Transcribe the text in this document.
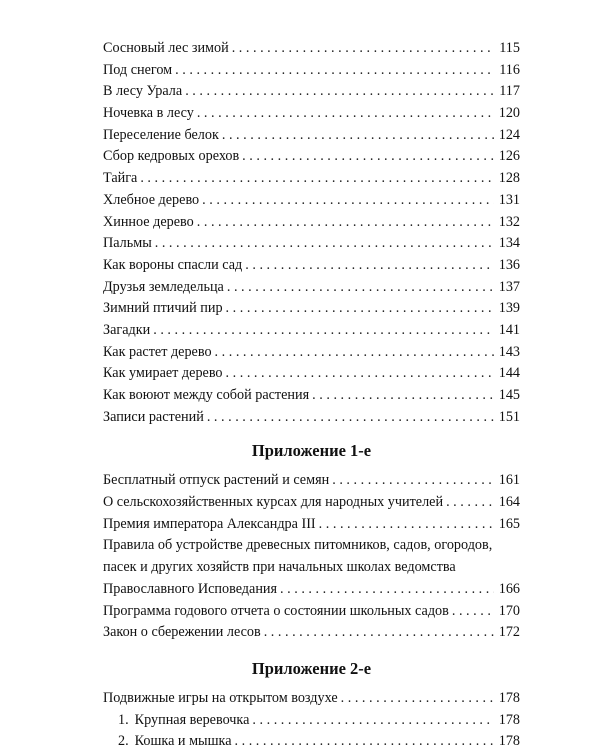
Сосновый лес зимой . . .	115
Под снегом . . .	116
В лесу Урала . . .	117
Ночевка в лесу . . .	120
Переселение белок . . .	124
Сбор кедровых орехов . . .	126
Тайга . . .	128
Хлебное дерево . . .	131
Хинное дерево . . .	132
Пальмы . . .	134
Как вороны спасли сад . . .	136
Друзья земледельца . . .	137
Зимний птичий пир . . .	139
Загадки . . .	141
Как растет дерево . . .	143
Как умирает дерево . . .	144
Как воюют между собой растения . . .	145
Записи растений . . .	151
Приложение 1-е
Бесплатный отпуск растений и семян . . .	161
О сельскохозяйственных курсах для народных учителей . . .	164
Премия императора Александра III . . .	165
Правила об устройстве древесных питомников, садов, огородов,
пасек и других хозяйств при начальных школах ведомства
Православного Исповедания . . .	166
Программа годового отчета о состоянии школьных садов . . .	170
Закон о сбережении лесов . . .	172
Приложение 2-е
Подвижные игры на открытом воздухе . . .	178
1. Крупная веревочка . . .	178
2. Кошка и мышка . . .	178
